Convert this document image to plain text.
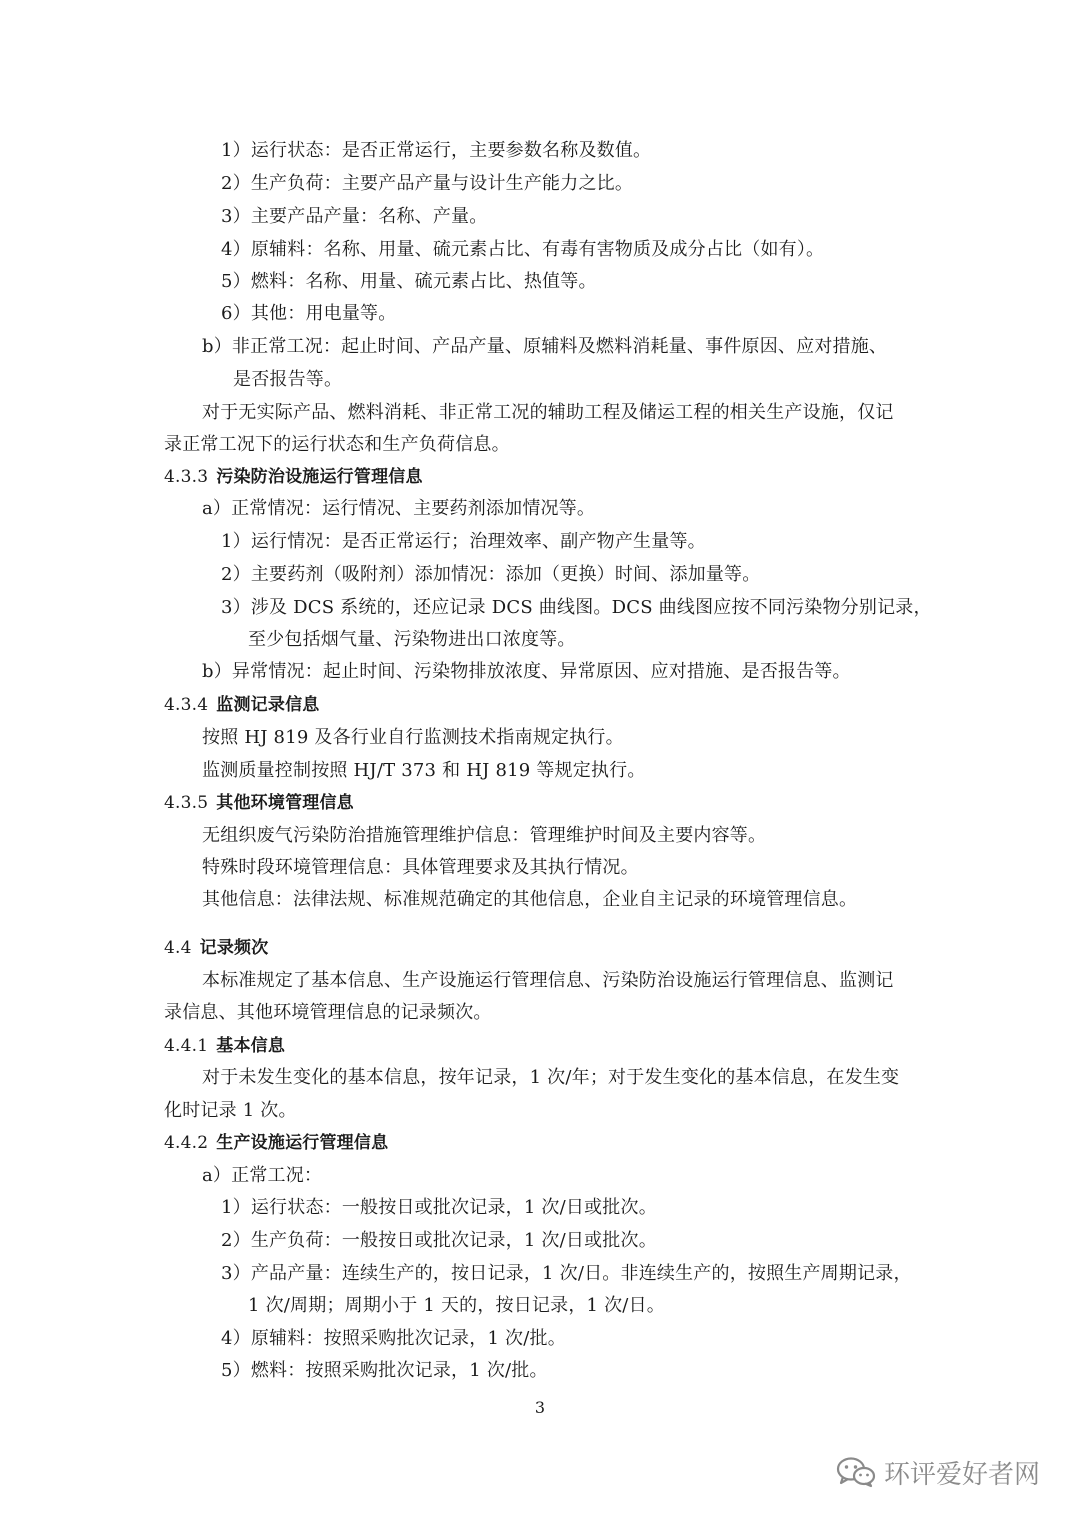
1）运行状态：是否正常运行，主要参数名称及数值。
2）生产负荷：主要产品产量与设计生产能力之比。
3）主要产品产量：名称、产量。
4）原辅料：名称、用量、硫元素占比、有毒有害物质及成分占比（如有）。
5）燃料：名称、用量、硫元素占比、热值等。
6）其他：用电量等。
b）非正常工况：起止时间、产品产量、原辅料及燃料消耗量、事件原因、应对措施、
是否报告等。
对于无实际产品、燃料消耗、非正常工况的辅助工程及储运工程的相关生产设施，仅记
录正常工况下的运行状态和生产负荷信息。
4.3.3 污染防治设施运行管理信息
a）正常情况：运行情况、主要药剂添加情况等。
1）运行情况：是否正常运行；治理效率、副产物产生量等。
2）主要药剂（吸附剂）添加情况：添加（更换）时间、添加量等。
3）涉及 DCS 系统的，还应记录 DCS 曲线图。DCS 曲线图应按不同污染物分别记录，
至少包括烟气量、污染物进出口浓度等。
b）异常情况：起止时间、污染物排放浓度、异常原因、应对措施、是否报告等。
4.3.4 监测记录信息
按照 HJ 819 及各行业自行监测技术指南规定执行。
监测质量控制按照 HJ/T 373 和 HJ 819 等规定执行。
4.3.5 其他环境管理信息
无组织废气污染防治措施管理维护信息：管理维护时间及主要内容等。
特殊时段环境管理信息：具体管理要求及其执行情况。
其他信息：法律法规、标准规范确定的其他信息，企业自主记录的环境管理信息。
4.4 记录频次
本标准规定了基本信息、生产设施运行管理信息、污染防治设施运行管理信息、监测记
录信息、其他环境管理信息的记录频次。
4.4.1 基本信息
对于未发生变化的基本信息，按年记录，1 次/年；对于发生变化的基本信息，在发生变
化时记录 1 次。
4.4.2 生产设施运行管理信息
a）正常工况：
1）运行状态：一般按日或批次记录，1 次/日或批次。
2）生产负荷：一般按日或批次记录，1 次/日或批次。
3）产品产量：连续生产的，按日记录，1 次/日。非连续生产的，按照生产周期记录，
1 次/周期；周期小于 1 天的，按日记录，1 次/日。
4）原辅料：按照采购批次记录，1 次/批。
5）燃料：按照采购批次记录，1 次/批。
3
环评爱好者网
